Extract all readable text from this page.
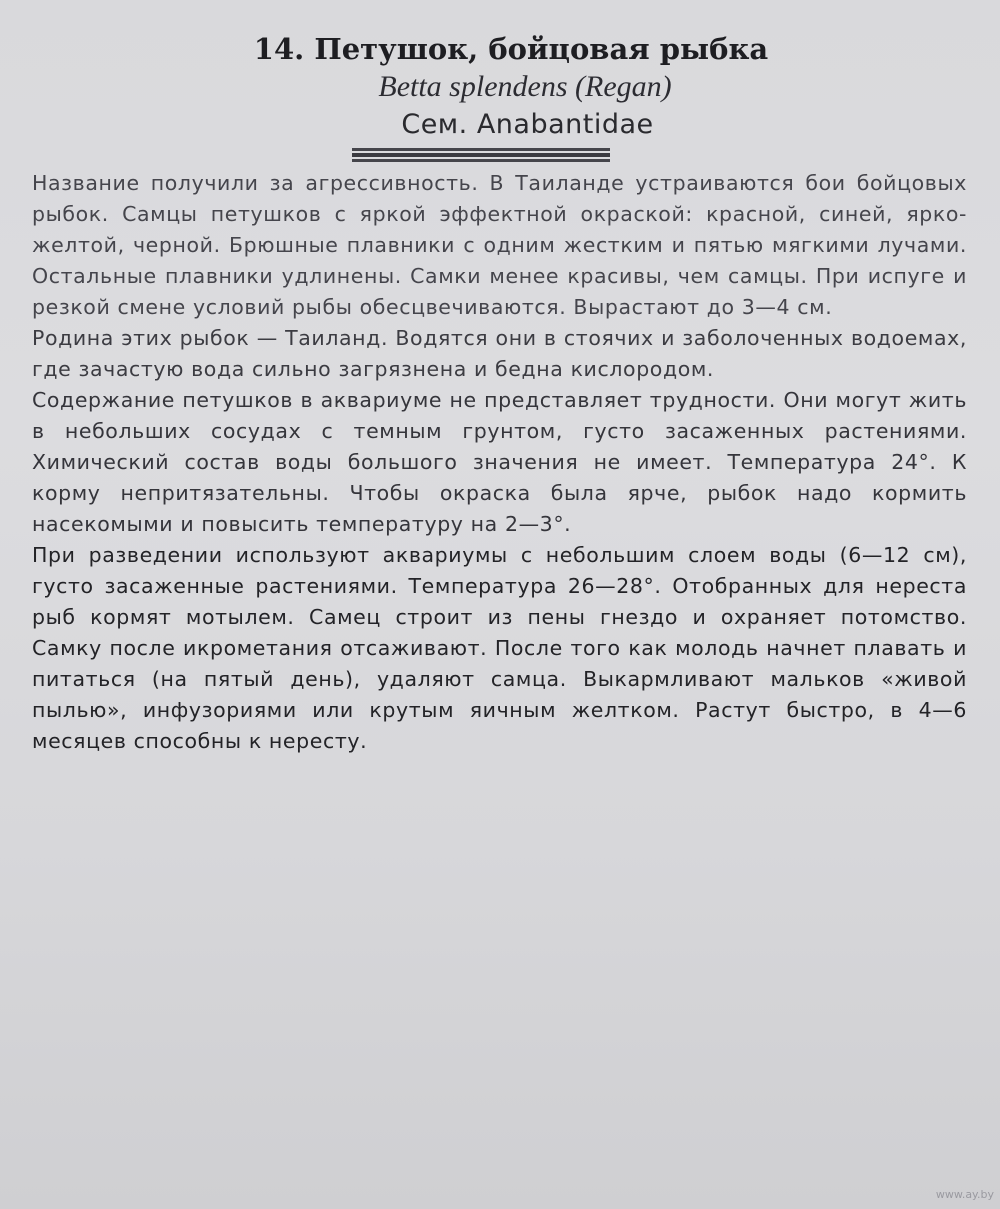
14. Петушок, бойцовая рыбка
Betta splendens (Regan)
Сем. Anabantidae

Название получили за агрессивность. В Таиланде устраиваются бои бойцовых рыбок. Самцы петушков с яркой эффектной окраской: красной, синей, ярко-желтой, черной. Брюшные плавники с одним жестким и пятью мягкими лучами. Остальные плавники удлинены. Самки менее красивы, чем самцы. При испуге и резкой смене условий рыбы обесцвечиваются. Вырастают до 3—4 см.

Родина этих рыбок — Таиланд. Водятся они в стоячих и заболоченных водоемах, где зачастую вода сильно загрязнена и бедна кислородом.

Содержание петушков в аквариуме не представляет трудности. Они могут жить в небольших сосудах с темным грунтом, густо засаженных растениями. Химический состав воды большого значения не имеет. Температура 24°. К корму непритязательны. Чтобы окраска была ярче, рыбок надо кормить насекомыми и повысить температуру на 2—3°.

При разведении используют аквариумы с небольшим слоем воды (6—12 см), густо засаженные растениями. Температура 26—28°. Отобранных для нереста рыб кормят мотылем. Самец строит из пены гнездо и охраняет потомство. Самку после икрометания отсаживают. После того как молодь начнет плавать и питаться (на пятый день), удаляют самца. Выкармливают мальков «живой пылью», инфузориями или крутым яичным желтком. Растут быстро, в 4—6 месяцев способны к нересту.

www.ay.by
